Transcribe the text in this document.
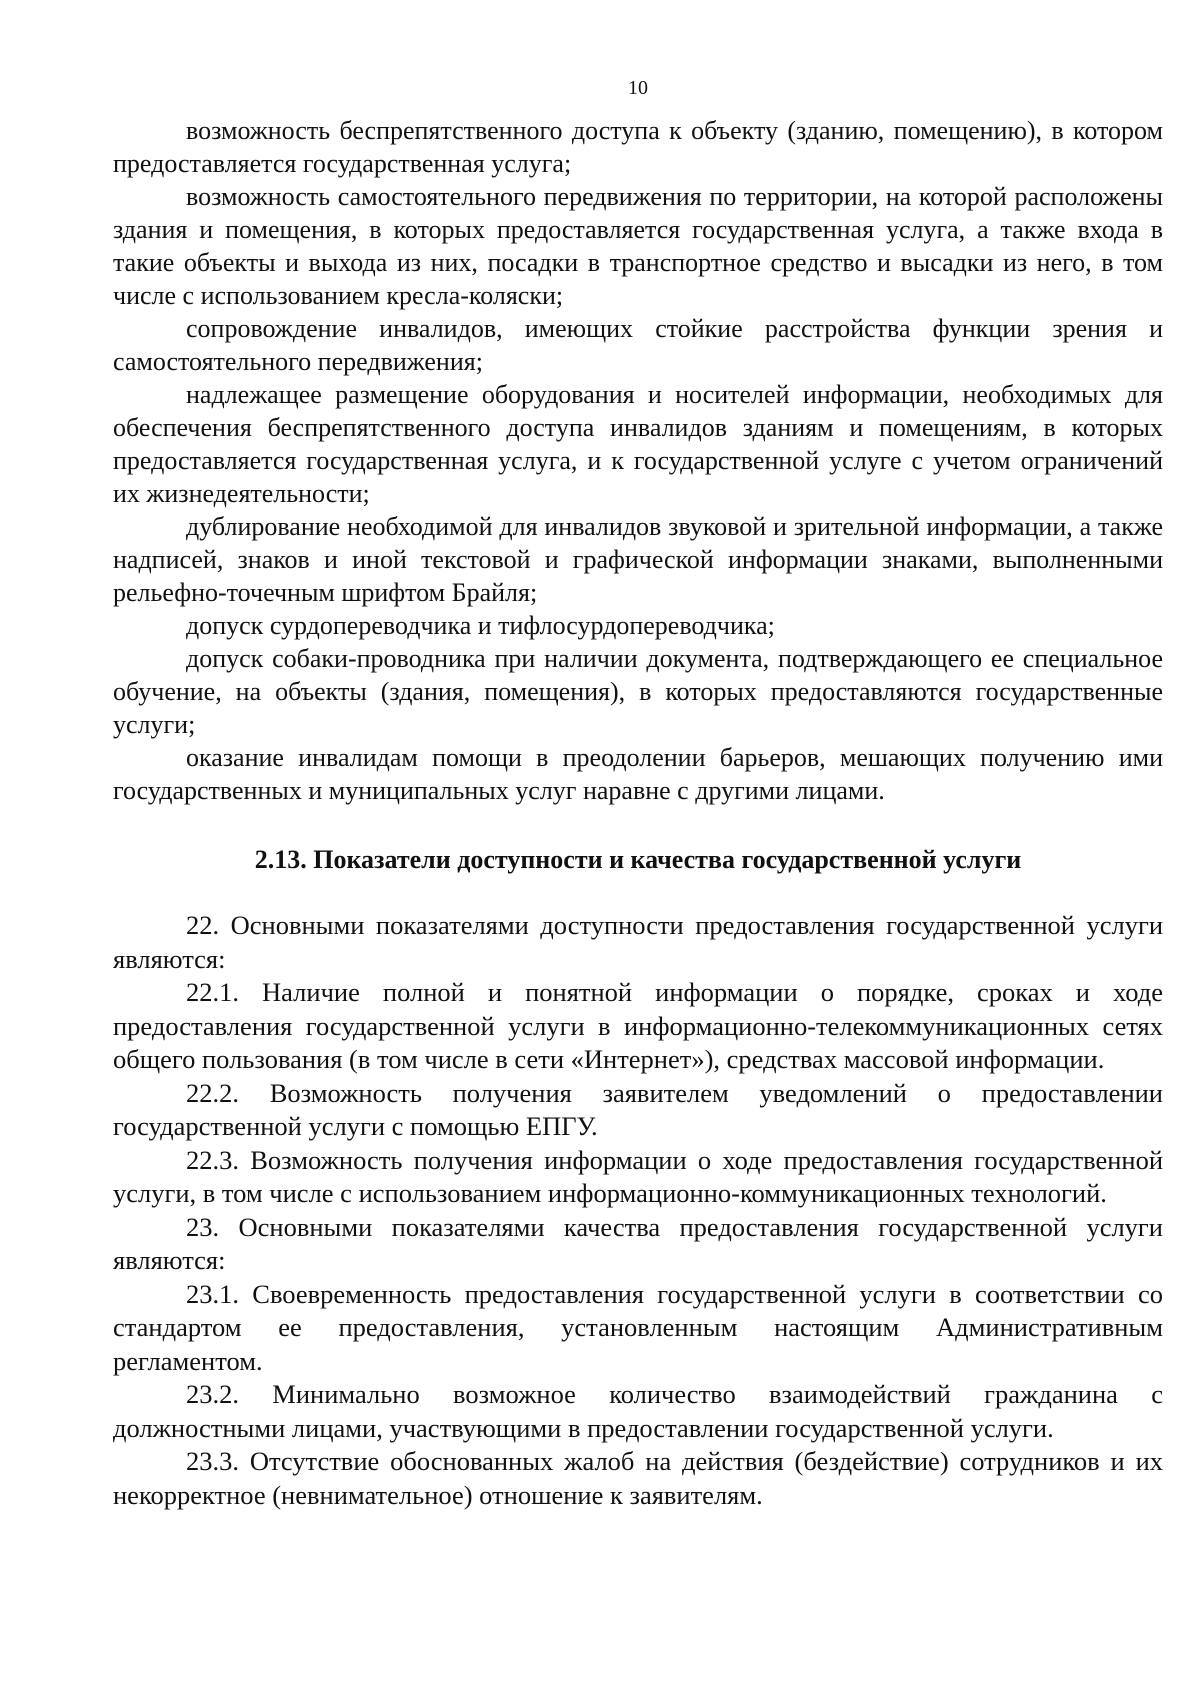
10

возможность беспрепятственного доступа к объекту (зданию, помещению), в котором предоставляется государственная услуга;

возможность самостоятельного передвижения по территории, на которой расположены здания и помещения, в которых предоставляется государственная услуга, а также входа в такие объекты и выхода из них, посадки в транспортное средство и высадки из него, в том числе с использованием кресла-коляски;

сопровождение инвалидов, имеющих стойкие расстройства функции зрения и самостоятельного передвижения;

надлежащее размещение оборудования и носителей информации, необходимых для обеспечения беспрепятственного доступа инвалидов зданиям и помещениям, в которых предоставляется государственная услуга, и к государственной услуге с учетом ограничений их жизнедеятельности;

дублирование необходимой для инвалидов звуковой и зрительной информации, а также надписей, знаков и иной текстовой и графической информации знаками, выполненными рельефно-точечным шрифтом Брайля;

допуск сурдопереводчика и тифлосурдопереводчика;

допуск собаки-проводника при наличии документа, подтверждающего ее специальное обучение, на объекты (здания, помещения), в которых предоставляются государственные услуги;

оказание инвалидам помощи в преодолении барьеров, мешающих получению ими государственных и муниципальных услуг наравне с другими лицами.

2.13. Показатели доступности и качества государственной услуги

22. Основными показателями доступности предоставления государственной услуги являются:

22.1. Наличие полной и понятной информации о порядке, сроках и ходе предоставления государственной услуги в информационно-телекоммуникационных сетях общего пользования (в том числе в сети «Интернет»), средствах массовой информации.

22.2. Возможность получения заявителем уведомлений о предоставлении государственной услуги с помощью ЕПГУ.

22.3. Возможность получения информации о ходе предоставления государственной услуги, в том числе с использованием информационно-коммуникационных технологий.

23. Основными показателями качества предоставления государственной услуги являются:

23.1. Своевременность предоставления государственной услуги в соответствии со стандартом ее предоставления, установленным настоящим Административным регламентом.

23.2. Минимально возможное количество взаимодействий гражданина с должностными лицами, участвующими в предоставлении государственной услуги.

23.3. Отсутствие обоснованных жалоб на действия (бездействие) сотрудников и их некорректное (невнимательное) отношение к заявителям.
